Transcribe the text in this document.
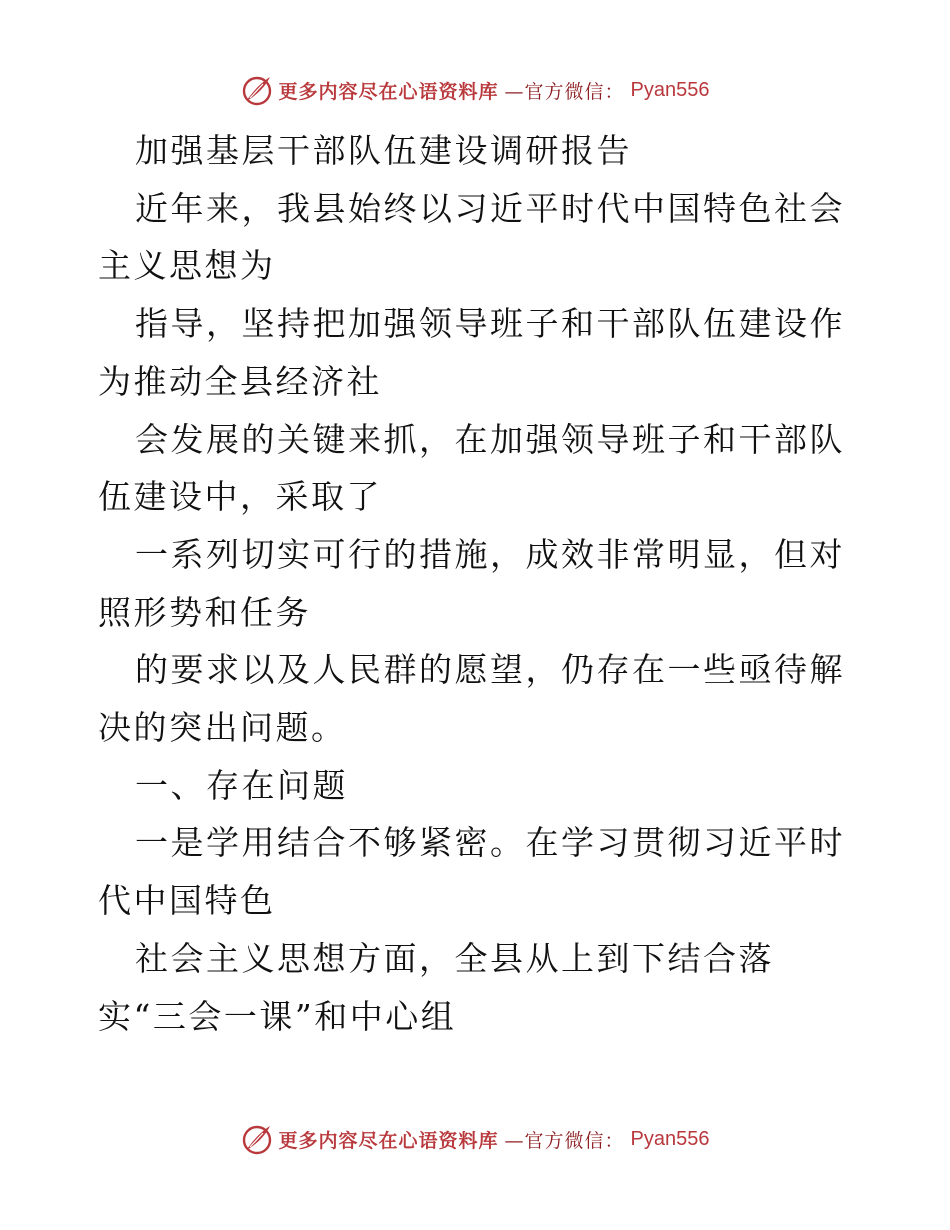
更多内容尽在心语资料库 —官方微信： Pyan556

加强基层干部队伍建设调研报告

近年来，我县始终以习近平时代中国特色社会主义思想为

指导，坚持把加强领导班子和干部队伍建设作为推动全县经济社

会发展的关键来抓，在加强领导班子和干部队伍建设中，采取了

一系列切实可行的措施，成效非常明显，但对照形势和任务

的要求以及人民群的愿望，仍存在一些亟待解决的突出问题。

一、存在问题

一是学用结合不够紧密。在学习贯彻习近平时代中国特色

社会主义思想方面，全县从上到下结合落实“三会一课”和中心组

更多内容尽在心语资料库 —官方微信： Pyan556
